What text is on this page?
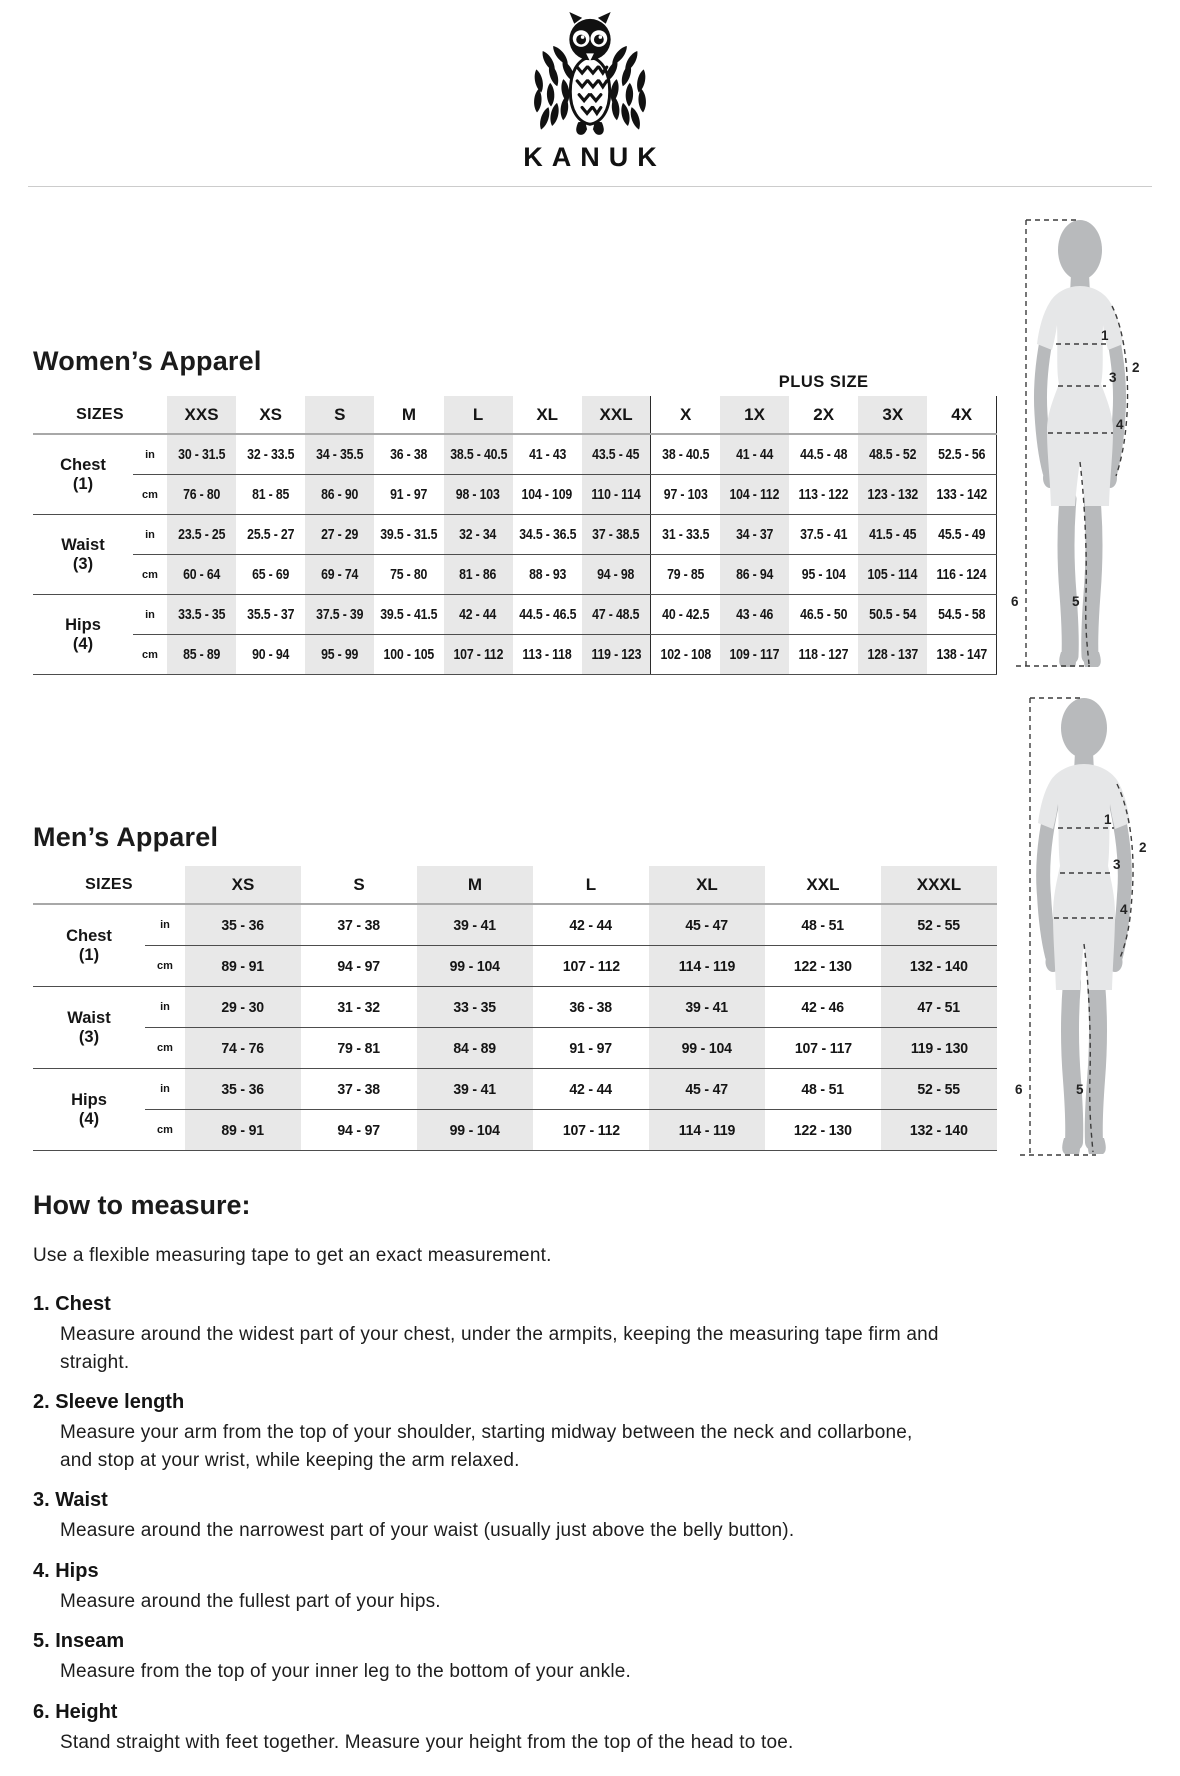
KANUK
Women’s Apparel
									PLUS SIZE				
SIZES		XXS	XS	S	M	L	XL	XXL	X	1X	2X	3X	4X

Chest
(1)	in	30 - 31.5	32 - 33.5	34 - 35.5	36 - 38	38.5 - 40.5	41 - 43	43.5 - 45	38 - 40.5	41 - 44	44.5 - 48	48.5 - 52	52.5 - 56
	cm	76 - 80	81 - 85	86 - 90	91 - 97	98 - 103	104 - 109	110 - 114	97 - 103	104 - 112	113 - 122	123 - 132	133 - 142

Waist
(3)	in	23.5 - 25	25.5 - 27	27 - 29	39.5 - 31.5	32 - 34	34.5 - 36.5	37 - 38.5	31 - 33.5	34 - 37	37.5 - 41	41.5 - 45	45.5 - 49
	cm	60 - 64	65 - 69	69 - 74	75 - 80	81 - 86	88 - 93	94 - 98	79 - 85	86 - 94	95 - 104	105 - 114	116 - 124

Hips
(4)	in	33.5 - 35	35.5 - 37	37.5 - 39	39.5 - 41.5	42 - 44	44.5 - 46.5	47 - 48.5	40 - 42.5	43 - 46	46.5 - 50	50.5 - 54	54.5 - 58
	cm	85 - 89	90 - 94	95 - 99	100 - 105	107 - 112	113 - 118	119 - 123	102 - 108	109 - 117	118 - 127	128 - 137	138 - 147
1
2
3
4
5
6
Men’s Apparel
SIZES		XS	S	M	L	XL	XXL	XXXL

Chest
(1)	in	35 - 36	37 - 38	39 - 41	42 - 44	45 - 47	48 - 51	52 - 55
	cm	89 - 91	94 - 97	99 - 104	107 - 112	114 - 119	122 - 130	132 - 140

Waist
(3)	in	29 - 30	31 - 32	33 - 35	36 - 38	39 - 41	42 - 46	47 - 51
	cm	74 - 76	79 - 81	84 - 89	91 - 97	99 - 104	107 - 117	119 - 130

Hips
(4)	in	35 - 36	37 - 38	39 - 41	42 - 44	45 - 47	48 - 51	52 - 55
	cm	89 - 91	94 - 97	99 - 104	107 - 112	114 - 119	122 - 130	132 - 140
1
2
3
4
5
6
How to measure:
Use a flexible measuring tape to get an exact measurement.
1. Chest
Measure around the widest part of your chest, under the armpits, keeping the measuring tape firm and straight.
2. Sleeve length
Measure your arm from the top of your shoulder, starting midway between the neck and collarbone, and stop at your wrist, while keeping the arm relaxed.
3. Waist
Measure around the narrowest part of your waist (usually just above the belly button).
4. Hips
Measure around the fullest part of your hips.
5. Inseam
Measure from the top of your inner leg to the bottom of your ankle.
6. Height
Stand straight with feet together. Measure your height from the top of the head to toe.
